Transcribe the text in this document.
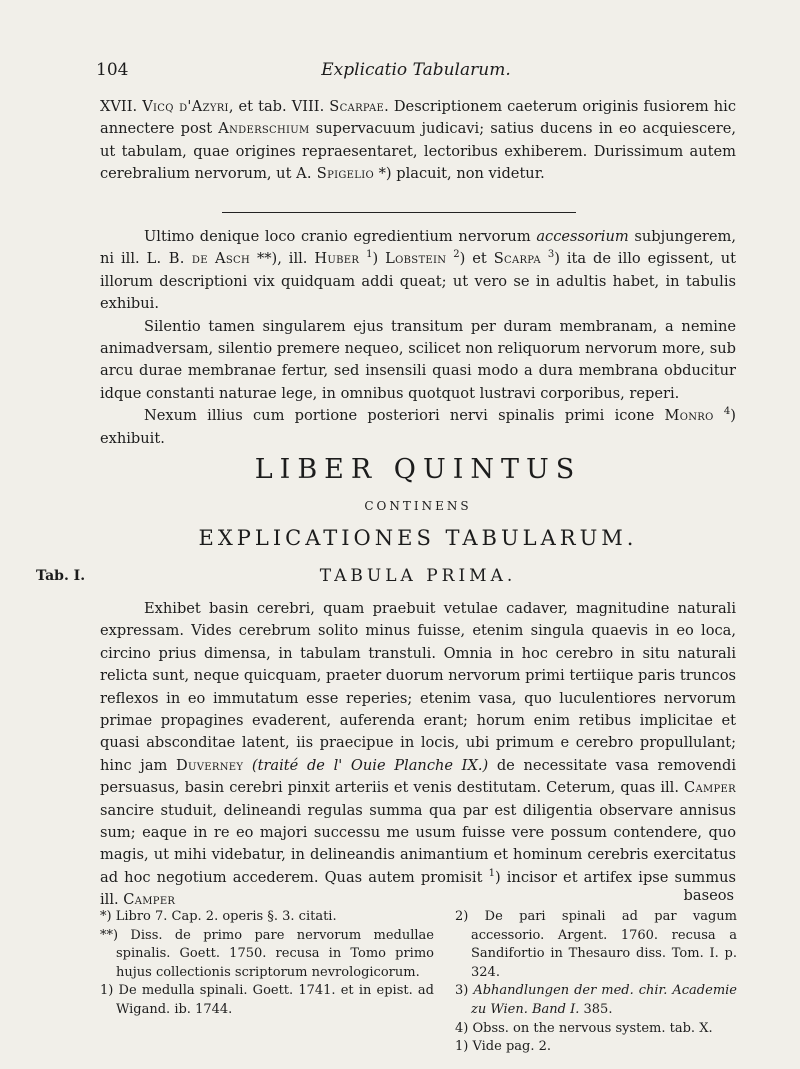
104	Explicatio Tabularum.

XVII. Vicq d'Azyri, et tab. VIII. Scarpae. Descriptionem caeterum originis fusiorem hic annectere post Anderschium supervacuum judicavi; satius ducens in eo acquiescere, ut tabulam, quae origines repraesentaret, lectoribus exhiberem. Durissimum autem cerebralium nervorum, ut A. Spigelio *) placuit, non videtur.

Ultimo denique loco cranio egredientium nervorum accessorium subjungerem, ni ill. L. B. de Asch **), ill. Huber $^1$) Lobstein $^2$) et Scarpa $^3$) ita de illo egissent, ut illorum descriptioni vix quidquam addi queat; ut vero se in adultis habet, in tabulis exhibui.

Silentio tamen singularem ejus transitum per duram membranam, a nemine animadversam, silentio premere nequeo, scilicet non reliquorum nervorum more, sub arcu durae membranae fertur, sed insensili quasi modo a dura membrana obducitur idque constanti naturae lege, in omnibus quotquot lustravi corporibus, reperi.

Nexum illius cum portione posteriori nervi spinalis primi icone Monro $^4$) exhibuit.

LIBER QUINTUS
CONTINENS
EXPLICATIONES TABULARUM.
TABULA PRIMA.
Tab. I.

Exhibet basin cerebri, quam praebuit vetulae cadaver, magnitudine naturali expressam. Vides cerebrum solito minus fuisse, etenim singula quaevis in eo loca, circino prius dimensa, in tabulam transtuli. Omnia in hoc cerebro in situ naturali relicta sunt, neque quicquam, praeter duorum nervorum primi tertiique paris truncos reflexos in eo immutatum esse reperies; etenim vasa, quo luculentiores nervorum primae propagines evaderent, auferenda erant; horum enim retibus implicitae et quasi absconditae latent, iis praecipue in locis, ubi primum e cerebro propullulant; hinc jam Duverney (traité de l' Ouie Planche IX.) de necessitate vasa removendi persuasus, basin cerebri pinxit arteriis et venis destitutam. Ceterum, quas ill. Camper sancire studuit, delineandi regulas summa qua par est diligentia observare annisus sum; eaque in re eo majori successu me usum fuisse vere possum contendere, quo magis, ut mihi videbatur, in delineandis animantium et hominum cerebris exercitatus ad hoc negotium accederem. Quas autem promisit $^1$) incisor et artifex ipse summus ill. Camper	baseos

*) Libro 7. Cap. 2. operis §. 3. citati.

**) Diss. de primo pare nervorum medullae spinalis. Goett. 1750. recusa in Tomo primo hujus collectionis scriptorum nevrologicorum.

1) De medulla spinali. Goett. 1741. et in epist. ad Wigand. ib. 1744.

2) De pari spinali ad par vagum accessorio. Argent. 1760. recusa a Sandifortio in Thesauro diss. Tom. I. p. 324.

3) Abhandlungen der med. chir. Academie zu Wien. Band I. 385.

4) Obss. on the nervous system. tab. X.

1) Vide pag. 2.
